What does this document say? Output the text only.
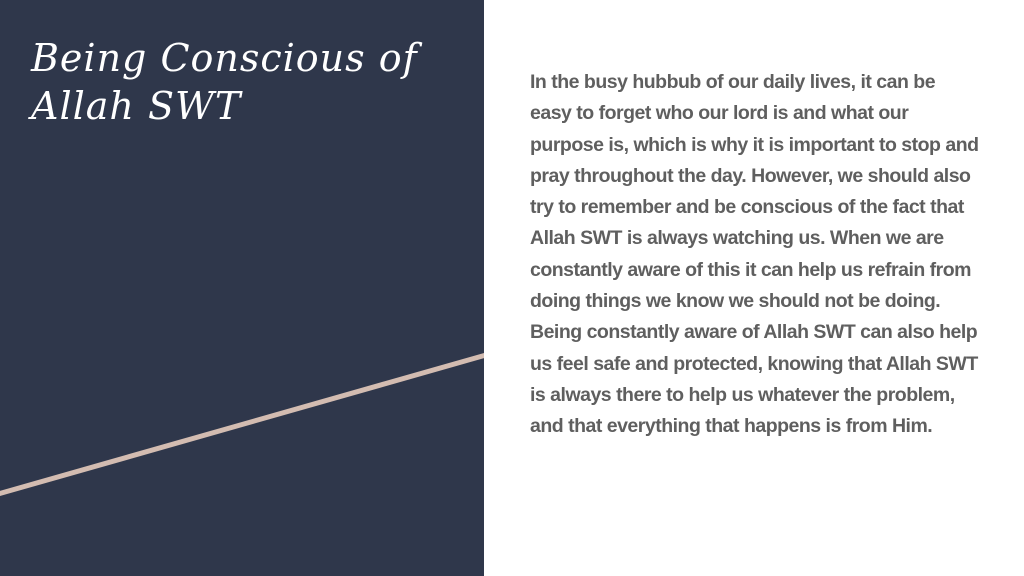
Being Conscious of Allah SWT

In the busy hubbub of our daily lives, it can be easy to forget who our lord is and what our purpose is, which is why it is important to stop and pray throughout the day. However, we should also try to remember and be conscious of the fact that Allah SWT is always watching us. When we are constantly aware of this it can help us refrain from doing things we know we should not be doing. Being constantly aware of Allah SWT can also help us feel safe and protected, knowing that Allah SWT is always there to help us whatever the problem, and that everything that happens is from Him.
